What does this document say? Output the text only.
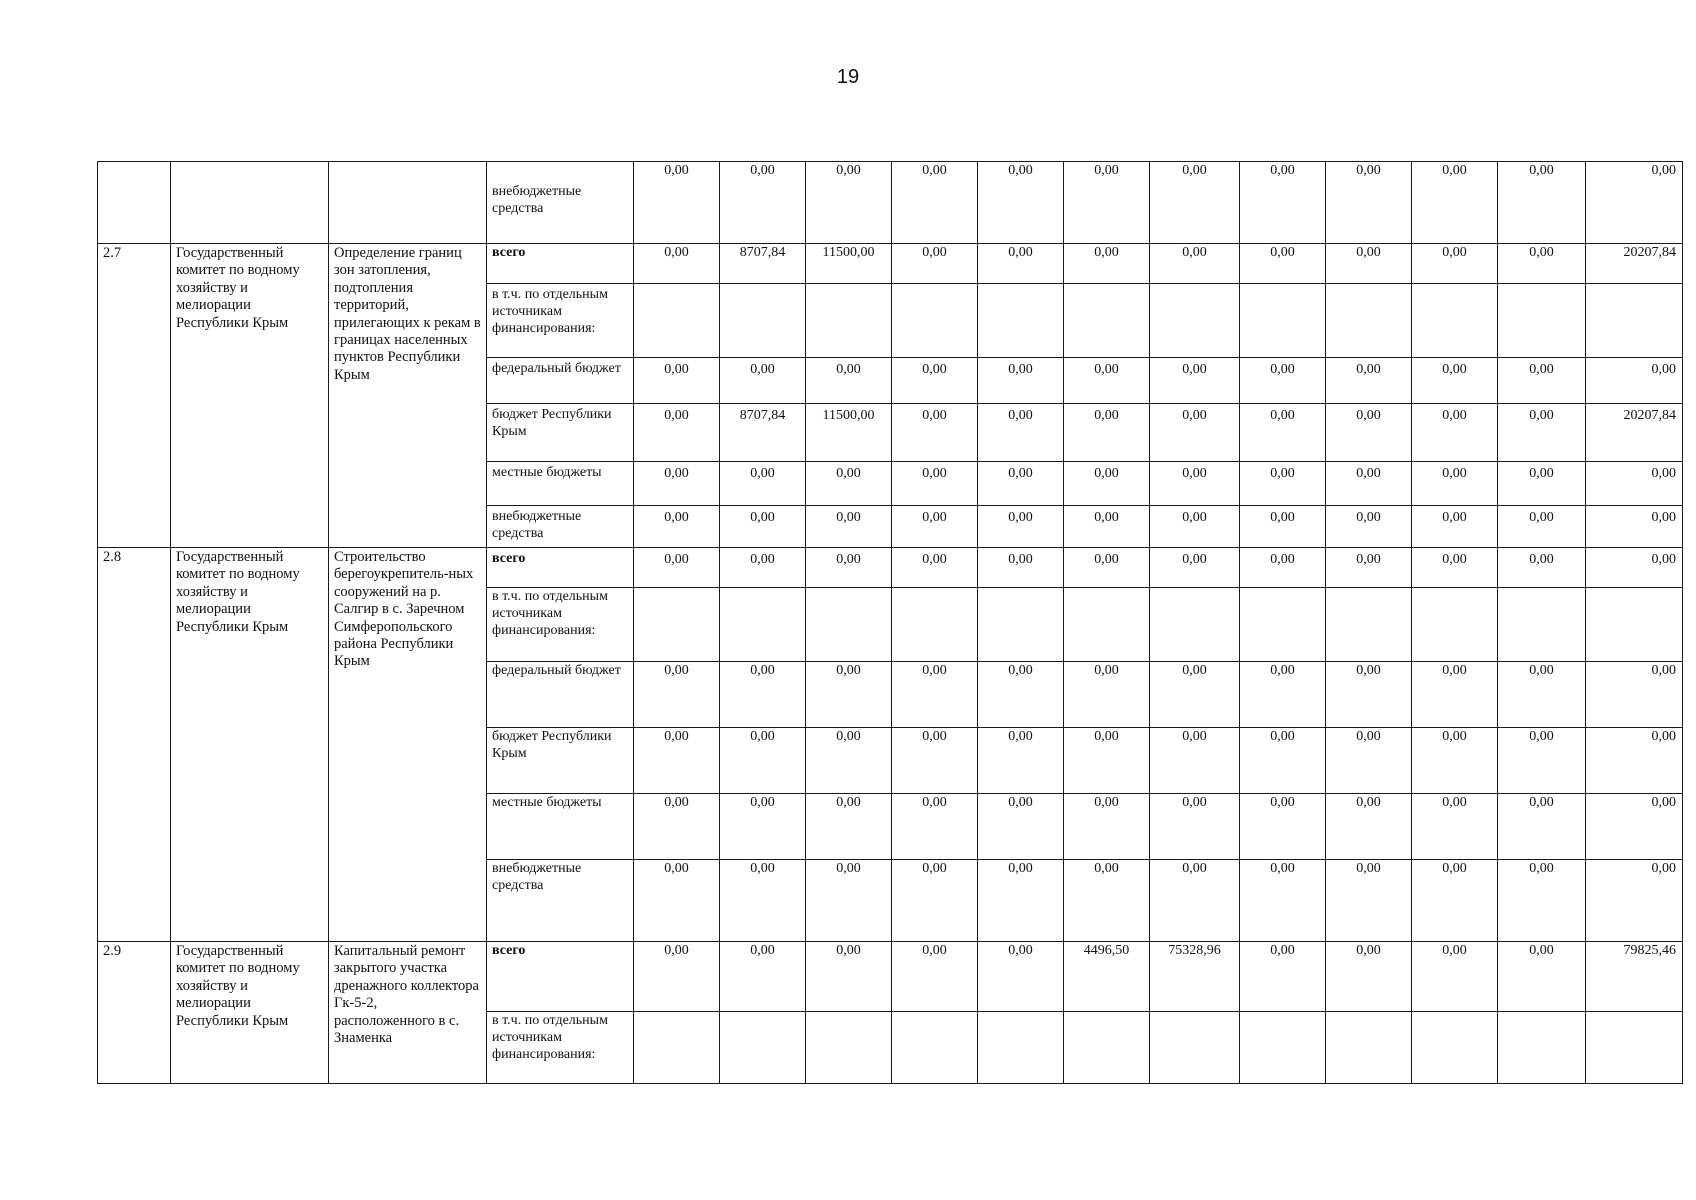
19
			внебюджетные средства	0,00	0,00	0,00	0,00	0,00	0,00	0,00	0,00	0,00	0,00	0,00	0,00
2.7	Государственный комитет по водному хозяйству и мелиорации Республики Крым	Определение границ зон затопления, подтопления территорий, прилегающих к рекам в границах населенных пунктов Республики Крым	всего	0,00	8707,84	11500,00	0,00	0,00	0,00	0,00	0,00	0,00	0,00	0,00	20207,84
			в т.ч. по отдельным источникам финансирования:												
			федеральный бюджет	0,00	0,00	0,00	0,00	0,00	0,00	0,00	0,00	0,00	0,00	0,00	0,00
			бюджет Республики Крым	0,00	8707,84	11500,00	0,00	0,00	0,00	0,00	0,00	0,00	0,00	0,00	20207,84
			местные бюджеты	0,00	0,00	0,00	0,00	0,00	0,00	0,00	0,00	0,00	0,00	0,00	0,00
			внебюджетные средства	0,00	0,00	0,00	0,00	0,00	0,00	0,00	0,00	0,00	0,00	0,00	0,00
2.8	Государственный комитет по водному хозяйству и мелиорации Республики Крым	Строительство берегоукрепитель-ных сооружений на р. Салгир в с. Заречном Симферопольского района Республики Крым	всего	0,00	0,00	0,00	0,00	0,00	0,00	0,00	0,00	0,00	0,00	0,00	0,00
			в т.ч. по отдельным источникам финансирования:												
			федеральный бюджет	0,00	0,00	0,00	0,00	0,00	0,00	0,00	0,00	0,00	0,00	0,00	0,00
			бюджет Республики Крым	0,00	0,00	0,00	0,00	0,00	0,00	0,00	0,00	0,00	0,00	0,00	0,00
			местные бюджеты	0,00	0,00	0,00	0,00	0,00	0,00	0,00	0,00	0,00	0,00	0,00	0,00
			внебюджетные средства	0,00	0,00	0,00	0,00	0,00	0,00	0,00	0,00	0,00	0,00	0,00	0,00
2.9	Государственный комитет по водному хозяйству и мелиорации Республики Крым	Капитальный ремонт закрытого участка дренажного коллектора Гк-5-2, расположенного в с. Знаменка	всего	0,00	0,00	0,00	0,00	0,00	4496,50	75328,96	0,00	0,00	0,00	0,00	79825,46
			в т.ч. по отдельным источникам финансирования:												
